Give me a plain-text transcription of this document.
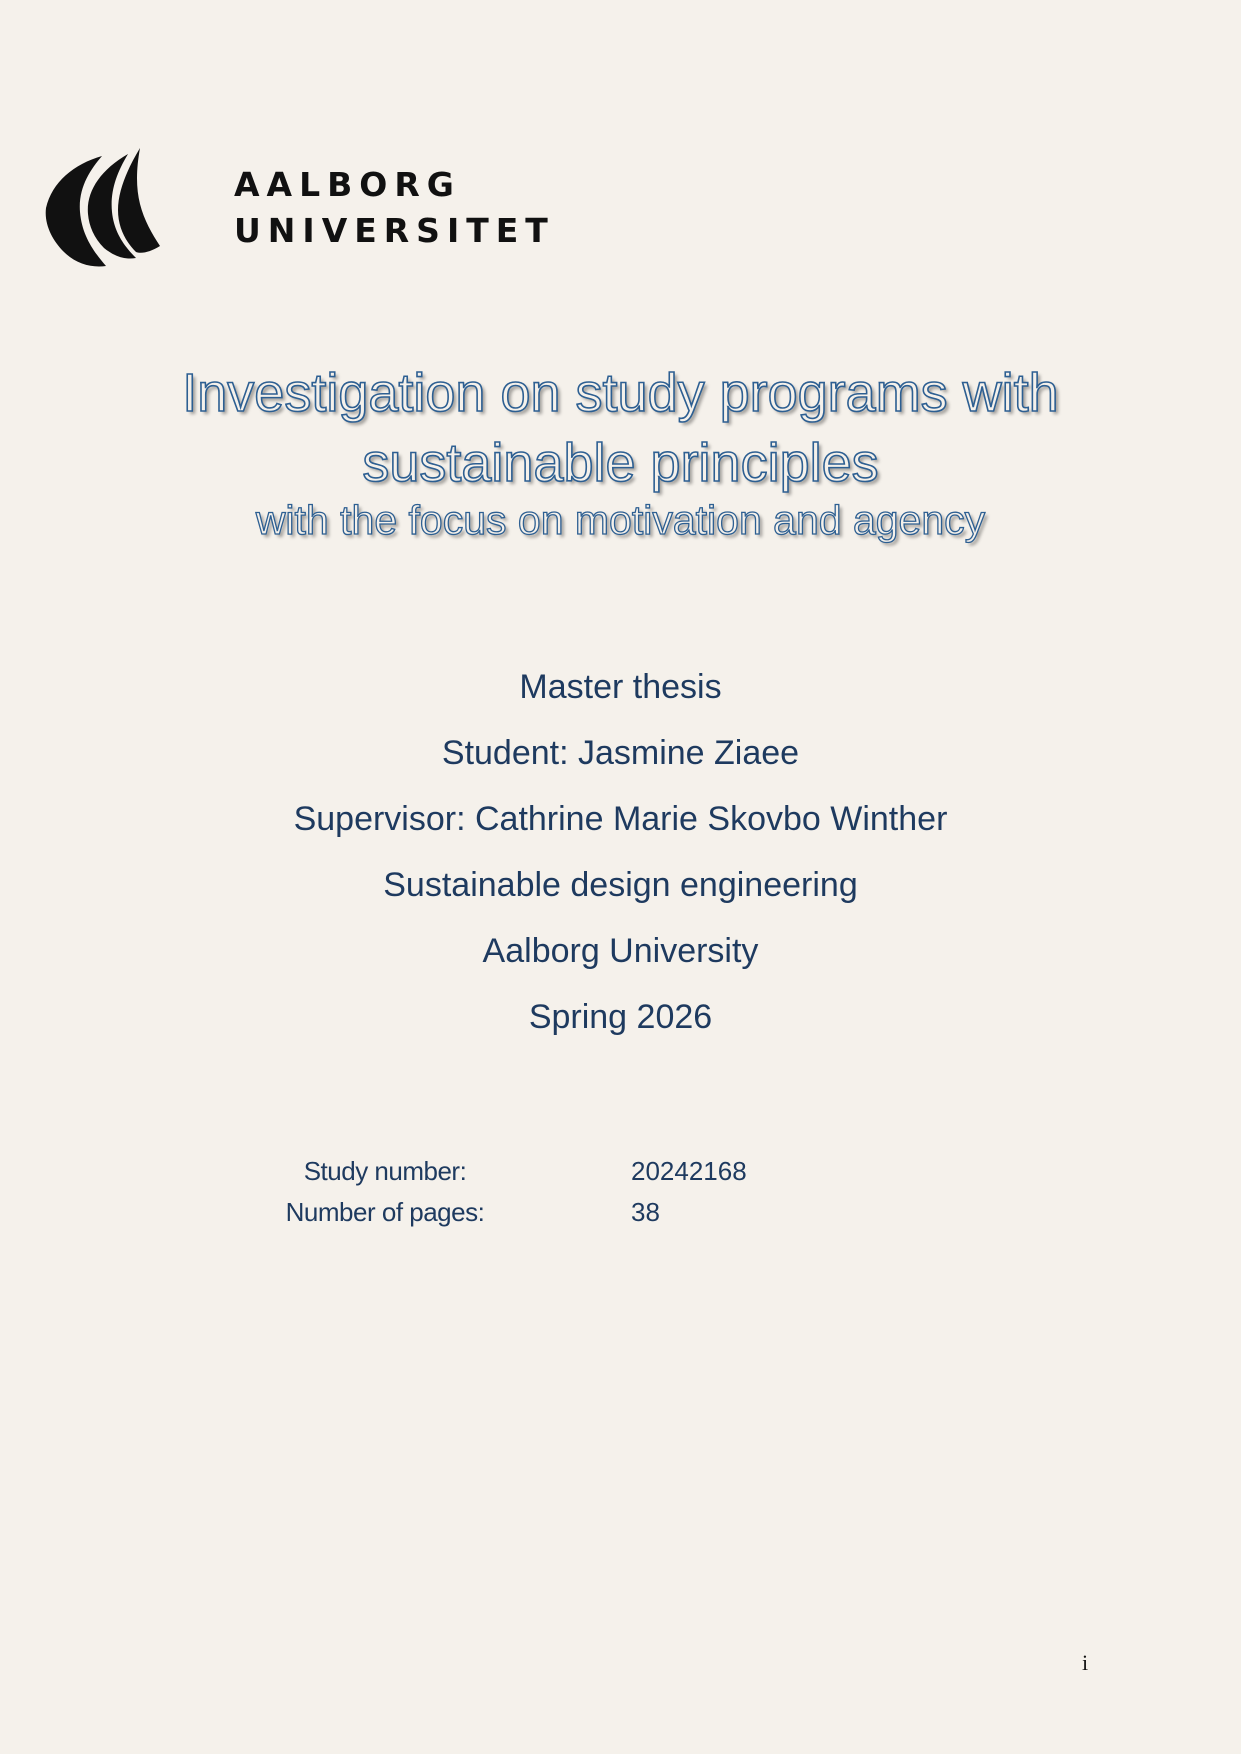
AALBORG
UNIVERSITET
Investigation on study programs with sustainable principles
with the focus on motivation and agency
Master thesis
Student: Jasmine Ziaee
Supervisor: Cathrine Marie Skovbo Winther
Sustainable design engineering
Aalborg University
Spring 2026
Study number:	20242168
Number of pages:	38
i
